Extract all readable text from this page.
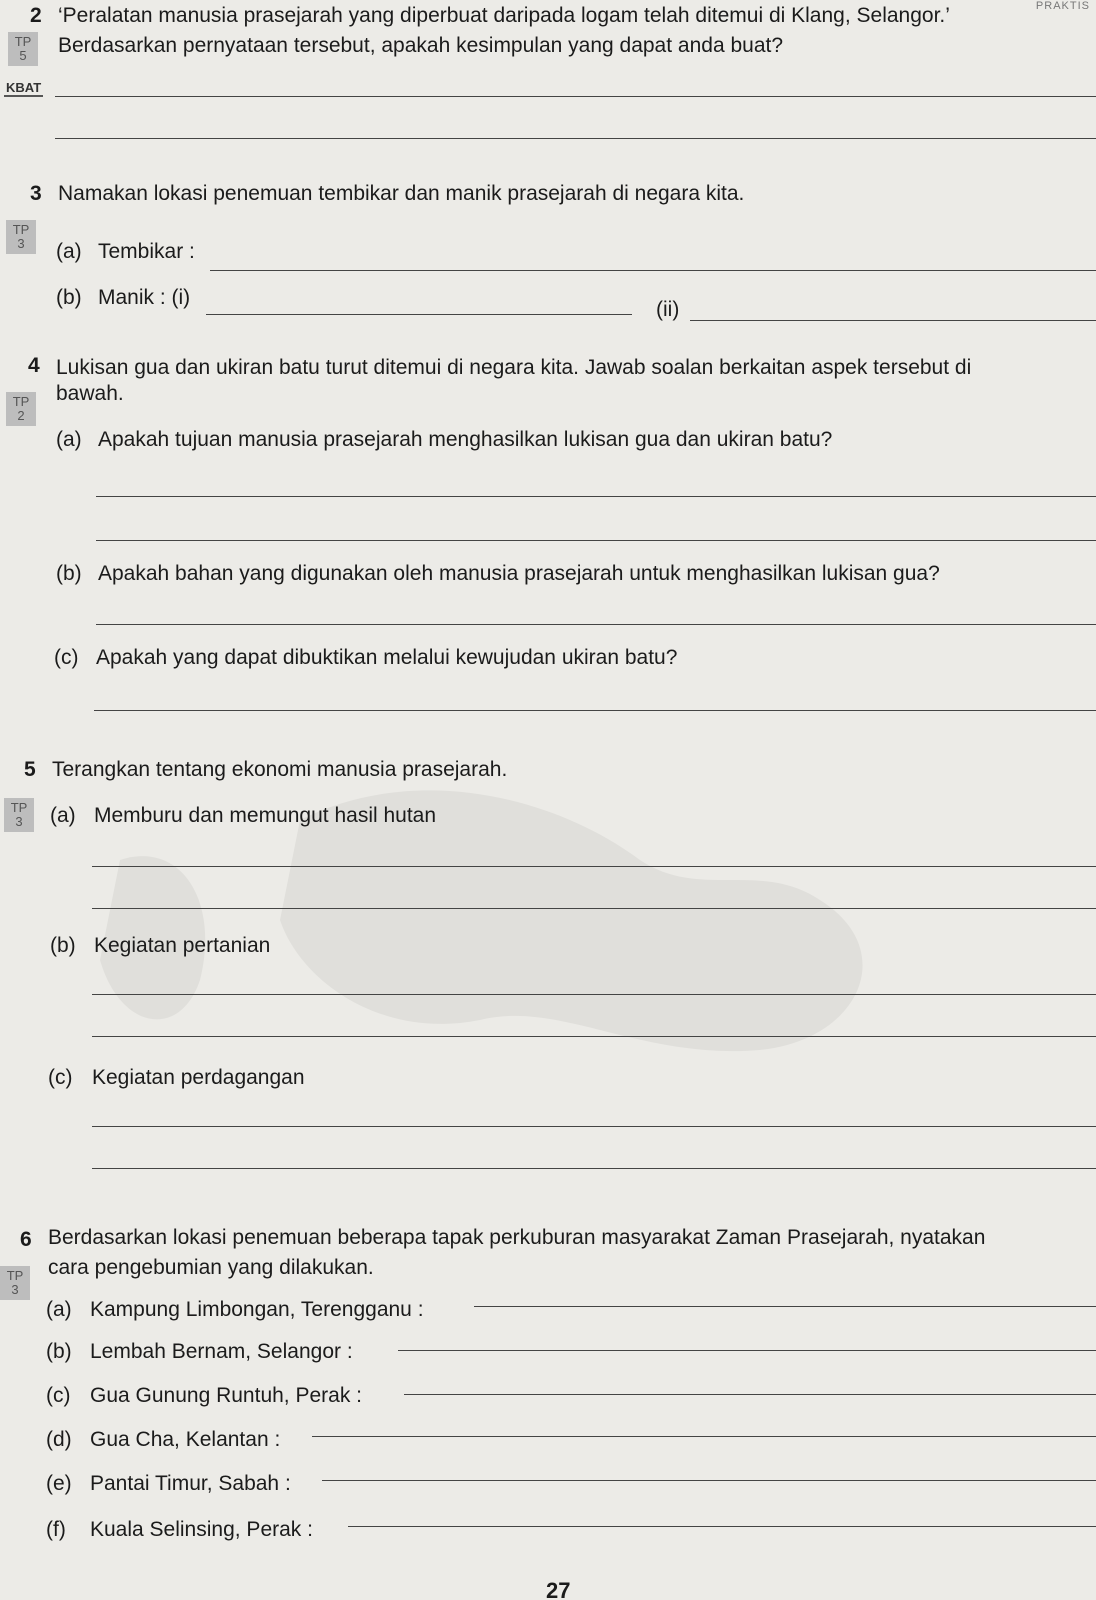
PRAKTIS
2 ‘Peralatan manusia prasejarah yang diperbuat daripada logam telah ditemui di Klang, Selangor.’
TP
5	Berdasarkan pernyataan tersebut, apakah kesimpulan yang dapat anda buat?
KBAT
3 Namakan lokasi penemuan tembikar dan manik prasejarah di negara kita.
TP
3	(a) Tembikar :
(b) Manik : (i)
(ii)
4 Lukisan gua dan ukiran batu turut ditemui di negara kita. Jawab soalan berkaitan aspek tersebut di
bawah.
TP
2
(a) Apakah tujuan manusia prasejarah menghasilkan lukisan gua dan ukiran batu?
(b) Apakah bahan yang digunakan oleh manusia prasejarah untuk menghasilkan lukisan gua?
(c) Apakah yang dapat dibuktikan melalui kewujudan ukiran batu?
5 Terangkan tentang ekonomi manusia prasejarah.
TP
3	(a) Memburu dan memungut hasil hutan
(b) Kegiatan pertanian
(c) Kegiatan perdagangan
6 Berdasarkan lokasi penemuan beberapa tapak perkuburan masyarakat Zaman Prasejarah, nyatakan
cara pengebumian yang dilakukan.
TP
3
(a) Kampung Limbongan, Terengganu :
(b) Lembah Bernam, Selangor :
(c) Gua Gunung Runtuh, Perak :
(d) Gua Cha, Kelantan :
(e) Pantai Timur, Sabah :
(f) Kuala Selinsing, Perak :
27
